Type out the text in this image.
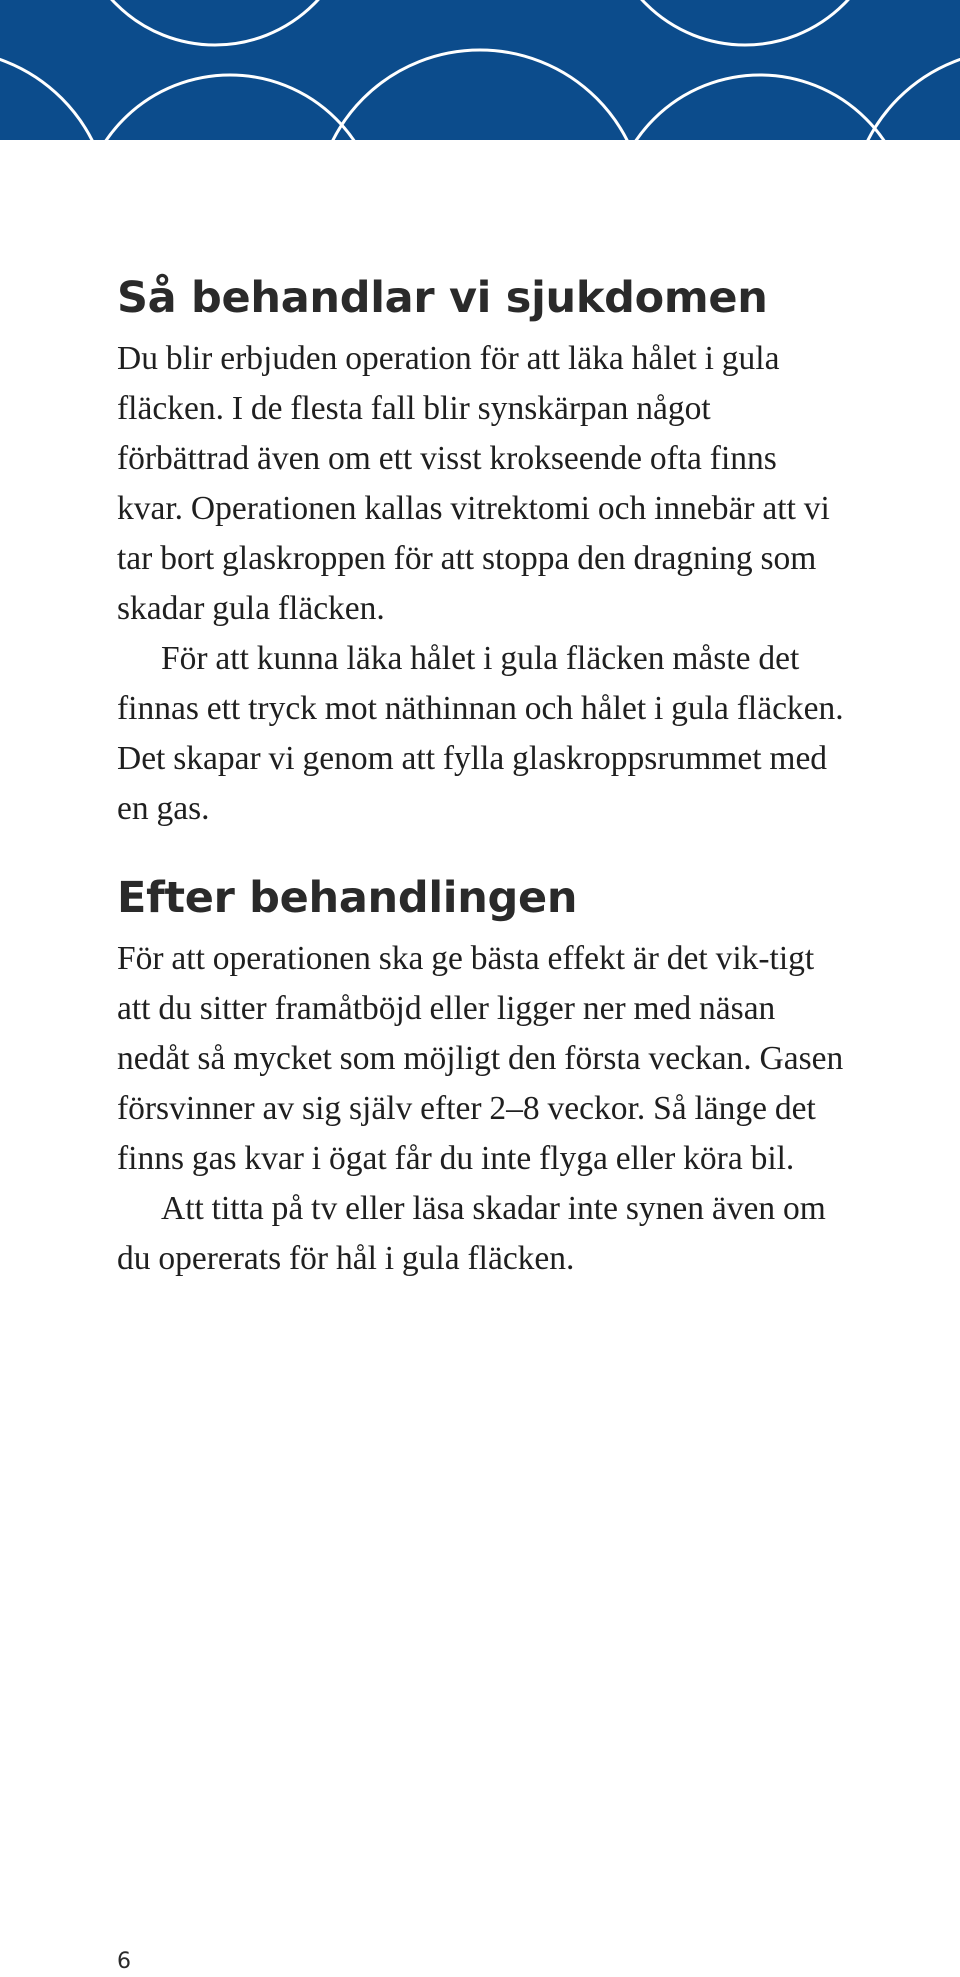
Så behandlar vi sjukdomen

Du blir erbjuden operation för att läka hålet i gula fläcken. I de flesta fall blir synskärpan något förbättrad även om ett visst krokseende ofta finns kvar. Operationen kallas vitrektomi och innebär att vi tar bort glaskroppen för att stoppa den dragning som skadar gula fläcken.

För att kunna läka hålet i gula fläcken måste det finnas ett tryck mot näthinnan och hålet i gula fläcken. Det skapar vi genom att fylla glaskroppsrummet med en gas.

Efter behandlingen

För att operationen ska ge bästa effekt är det vik-tigt att du sitter framåtböjd eller ligger ner med näsan nedåt så mycket som möjligt den första veckan. Gasen försvinner av sig själv efter 2–8 veckor. Så länge det finns gas kvar i ögat får du inte flyga eller köra bil.

Att titta på tv eller läsa skadar inte synen även om du opererats för hål i gula fläcken.

6
